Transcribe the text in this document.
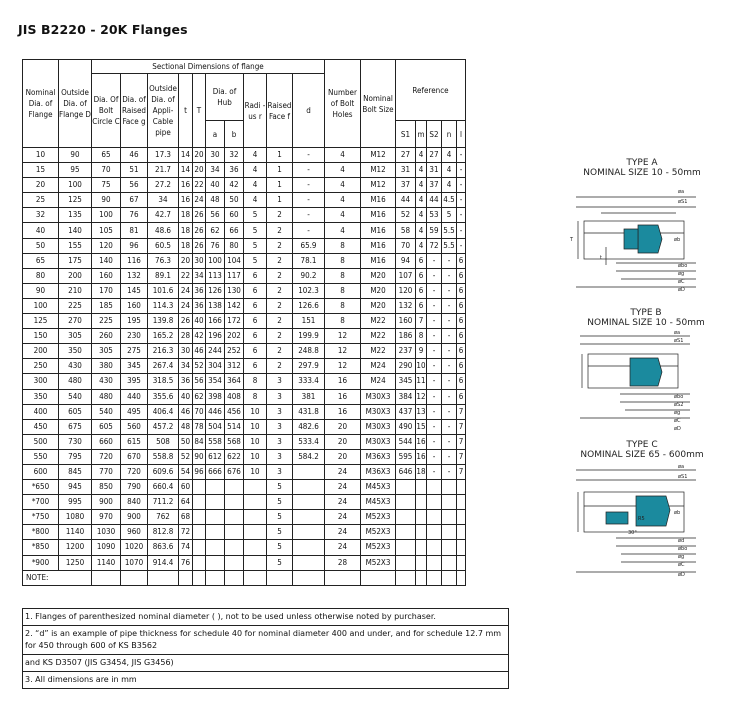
JIS B2220 - 20K Flanges
Nominal Dia. of Flange	Outside Dia. of Flange D	Sectional Dimensions of flange										Number of Bolt Holes	Nominal Bolt Size	Reference				
		Dia. Of Bolt Circle C	Dia. of Raised Face g	Outside Dia. of Appli-Cable pipe	t	T	Dia. of Hub		Radi -us r	Raised Face f	d							
							a	b						S1	m	S2	n	l
10	90	65	46	17.3	14	20	30	32	4	1	-	4	M12	27	4	27	4	-
15	95	70	51	21.7	14	20	34	36	4	1	-	4	M12	31	4	31	4	-
20	100	75	56	27.2	16	22	40	42	4	1	-	4	M12	37	4	37	4	-
25	125	90	67	34	16	24	48	50	4	1	-	4	M16	44	4	44	4.5	-
32	135	100	76	42.7	18	26	56	60	5	2	-	4	M16	52	4	53	5	-
40	140	105	81	48.6	18	26	62	66	5	2	-	4	M16	58	4	59	5.5	-
50	155	120	96	60.5	18	26	76	80	5	2	65.9	8	M16	70	4	72	5.5	-
65	175	140	116	76.3	20	30	100	104	5	2	78.1	8	M16	94	6	-	-	6
80	200	160	132	89.1	22	34	113	117	6	2	90.2	8	M20	107	6	-	-	6
90	210	170	145	101.6	24	36	126	130	6	2	102.3	8	M20	120	6	-	-	6
100	225	185	160	114.3	24	36	138	142	6	2	126.6	8	M20	132	6	-	-	6
125	270	225	195	139.8	26	40	166	172	6	2	151	8	M22	160	7	-	-	6
150	305	260	230	165.2	28	42	196	202	6	2	199.9	12	M22	186	8	-	-	6
200	350	305	275	216.3	30	46	244	252	6	2	248.8	12	M22	237	9	-	-	6
250	430	380	345	267.4	34	52	304	312	6	2	297.9	12	M24	290	10	-	-	6
300	480	430	395	318.5	36	56	354	364	8	3	333.4	16	M24	345	11	-	-	6
350	540	480	440	355.6	40	62	398	408	8	3	381	16	M30X3	384	12	-	-	6
400	605	540	495	406.4	46	70	446	456	10	3	431.8	16	M30X3	437	13	-	-	7
450	675	605	560	457.2	48	78	504	514	10	3	482.6	20	M30X3	490	15	-	-	7
500	730	660	615	508	50	84	558	568	10	3	533.4	20	M30X3	544	16	-	-	7
550	795	720	670	558.8	52	90	612	622	10	3	584.2	20	M36X3	595	16	-	-	7
600	845	770	720	609.6	54	96	666	676	10	3		24	M36X3	646	18	-	-	7
*650	945	850	790	660.4	60					5		24	M45X3					
*700	995	900	840	711.2	64					5		24	M45X3					
*750	1080	970	900	762	68					5		24	M52X3					
*800	1140	1030	960	812.8	72					5		24	M52X3					
*850	1200	1090	1020	863.6	74					5		24	M52X3					
*900	1250	1140	1070	914.4	76					5		28	M52X3					
NOTE:																		
1. Flanges of parenthesized nominal diameter ( ), not to be used unless otherwise noted by purchaser.
2. “d” is an example of pipe thickness for schedule 40 for nominal diameter 400 and under, and for schedule 12.7 mm for 450 through 600 of KS B3562
and KS D3507 (JIS G3454, JIS G3456)
3. All dimensions are in mm
TYPE A
NOMINAL SIZE 10 - 50mm
øa
øS1
øb
øbo
øg
øC
øD
T
t
TYPE B
NOMINAL SIZE 10 - 50mm
øa
øS1
øbo
øS2
øg
øC
øD
TYPE C
NOMINAL SIZE 65 - 600mm
øa
øS1
øb
ød
øbo
øg
øC
øD
R5
30°
